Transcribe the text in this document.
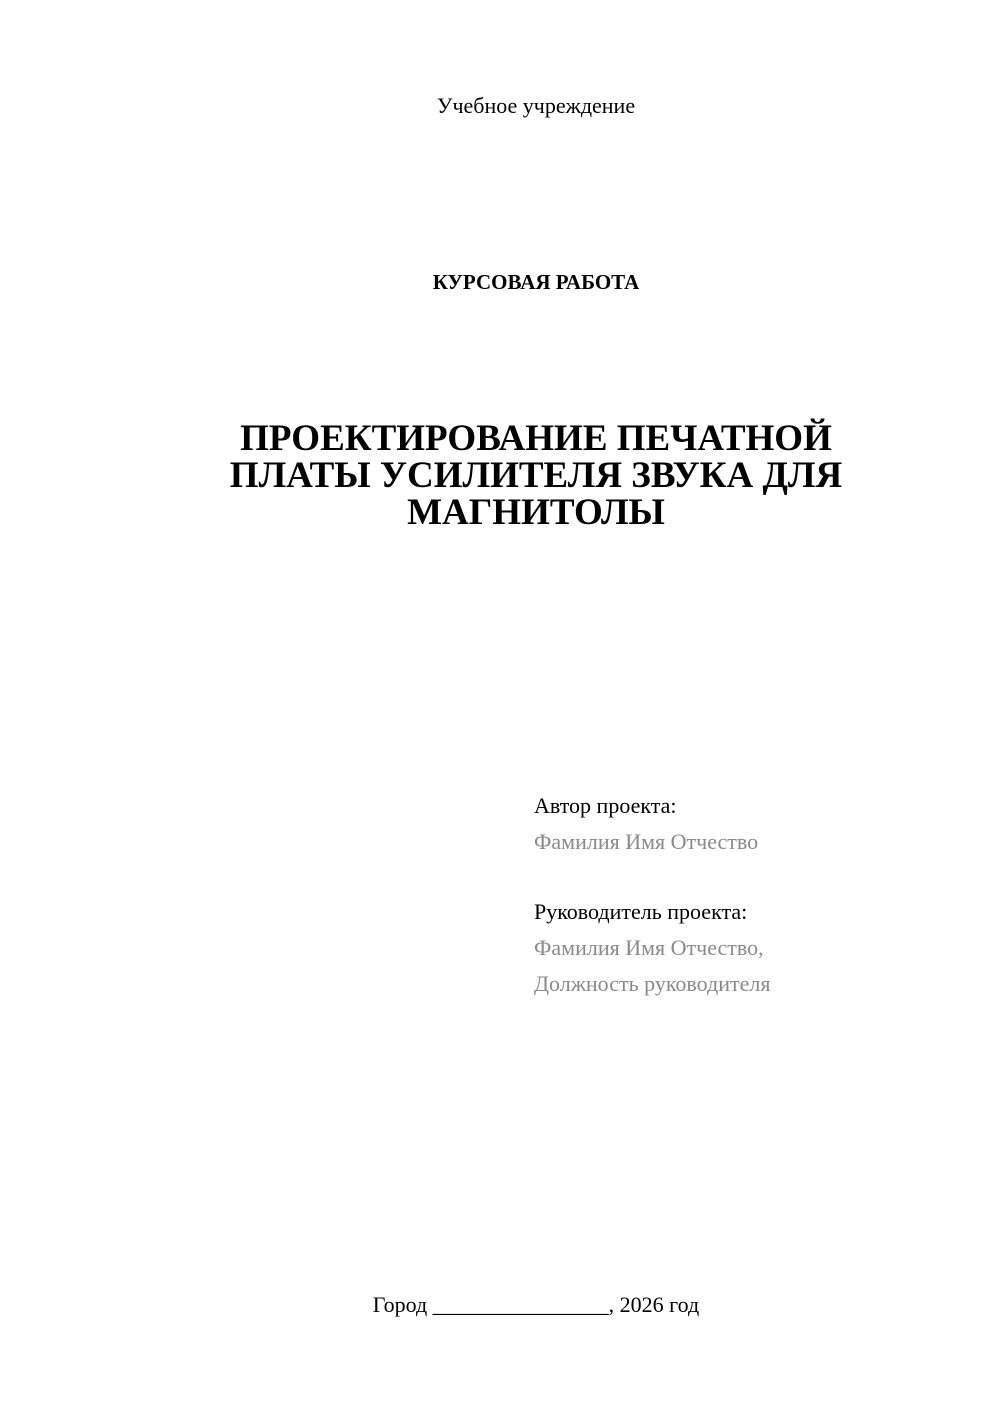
Учебное учреждение
КУРСОВАЯ РАБОТА
ПРОЕКТИРОВАНИЕ ПЕЧАТНОЙ
ПЛАТЫ УСИЛИТЕЛЯ ЗВУКА ДЛЯ
МАГНИТОЛЫ
Автор проекта:
Фамилия Имя Отчество
Руководитель проекта:
Фамилия Имя Отчество,
Должность руководителя
Город ________________, 2026 год
